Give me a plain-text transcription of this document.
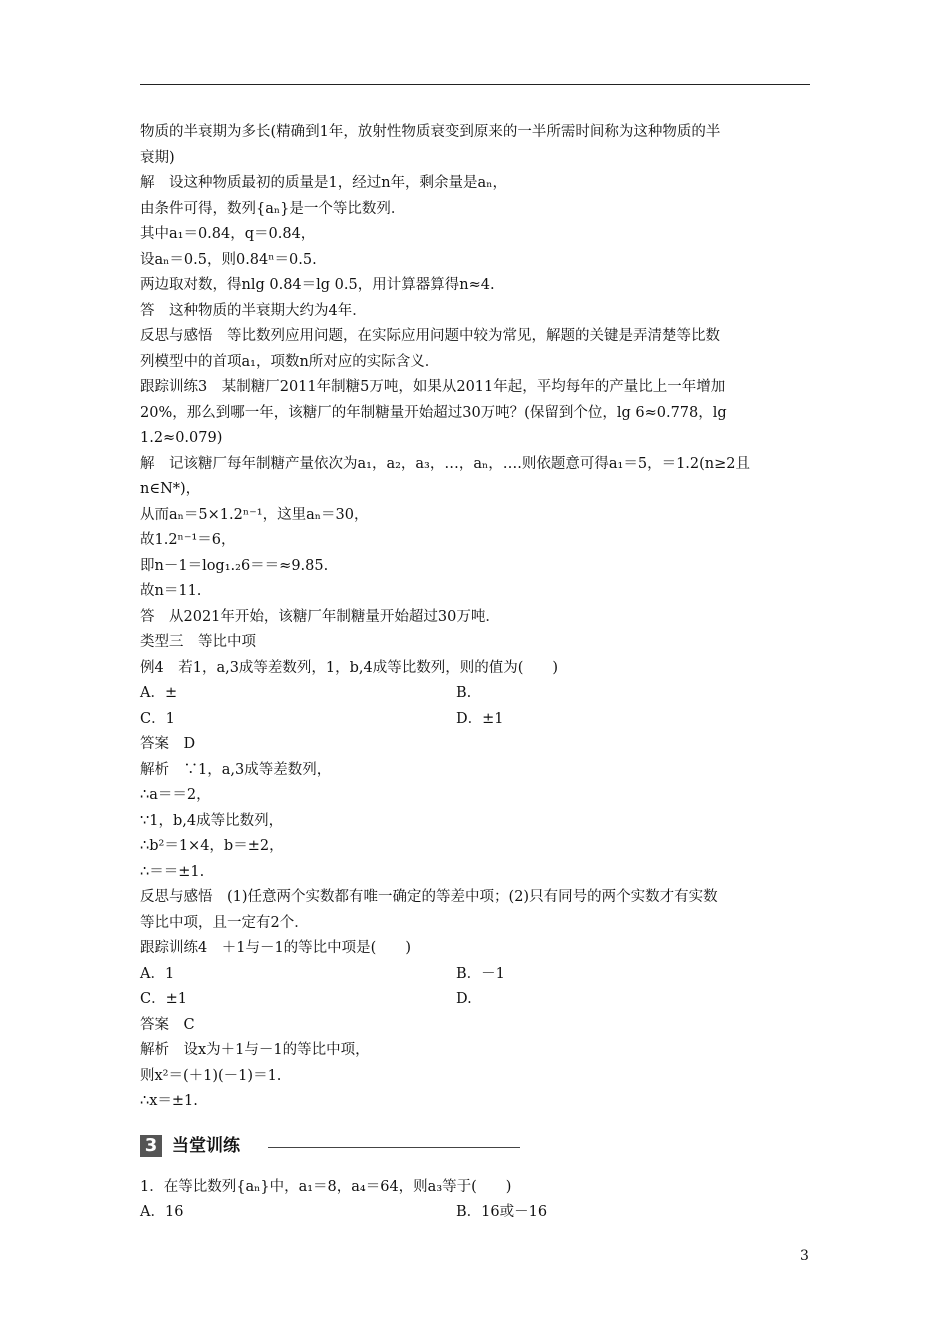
物质的半衰期为多长(精确到1年，放射性物质衰变到原来的一半所需时间称为这种物质的半

衰期)

解　设这种物质最初的质量是1，经过n年，剩余量是aₙ，

由条件可得，数列{aₙ}是一个等比数列．

其中a₁＝0.84，q＝0.84，

设aₙ＝0.5，则0.84ⁿ＝0.5.

两边取对数，得nlg 0.84＝lg 0.5，用计算器算得n≈4.

答　这种物质的半衰期大约为4年．

反思与感悟　等比数列应用问题，在实际应用问题中较为常见，解题的关键是弄清楚等比数

列模型中的首项a₁，项数n所对应的实际含义．

跟踪训练3　某制糖厂2011年制糖5万吨，如果从2011年起，平均每年的产量比上一年增加

20%，那么到哪一年，该糖厂的年制糖量开始超过30万吨？(保留到个位，lg 6≈0.778，lg

1.2≈0.079)

解　记该糖厂每年制糖产量依次为a₁，a₂，a₃，…，aₙ，….则依题意可得a₁＝5，＝1.2(n≥2且

n∈N*)，

从而aₙ＝5×1.2ⁿ⁻¹，这里aₙ＝30，

故1.2ⁿ⁻¹＝6，

即n－1＝log₁.₂6＝＝≈9.85.

故n＝11.

答　从2021年开始，该糖厂年制糖量开始超过30万吨．

类型三　等比中项

例4　若1，a,3成等差数列，1，b,4成等比数列，则的值为(　　)

A．±	B.
C．1	D．±1

答案　D

解析　∵1，a,3成等差数列，

∴a＝＝2，

∵1，b,4成等比数列，

∴b²＝1×4，b＝±2，

∴＝＝±1.

反思与感悟　(1)任意两个实数都有唯一确定的等差中项；(2)只有同号的两个实数才有实数

等比中项，且一定有2个．

跟踪训练4　＋1与－1的等比中项是(　　)

A．1	B．－1
C．±1	D.

答案　C

解析　设x为＋1与－1的等比中项，

则x²＝(＋1)(－1)＝1.

∴x＝±1.

3 当堂训练

1．在等比数列{aₙ}中，a₁＝8，a₄＝64，则a₃等于(　　)

A．16	B．16或－16
3
